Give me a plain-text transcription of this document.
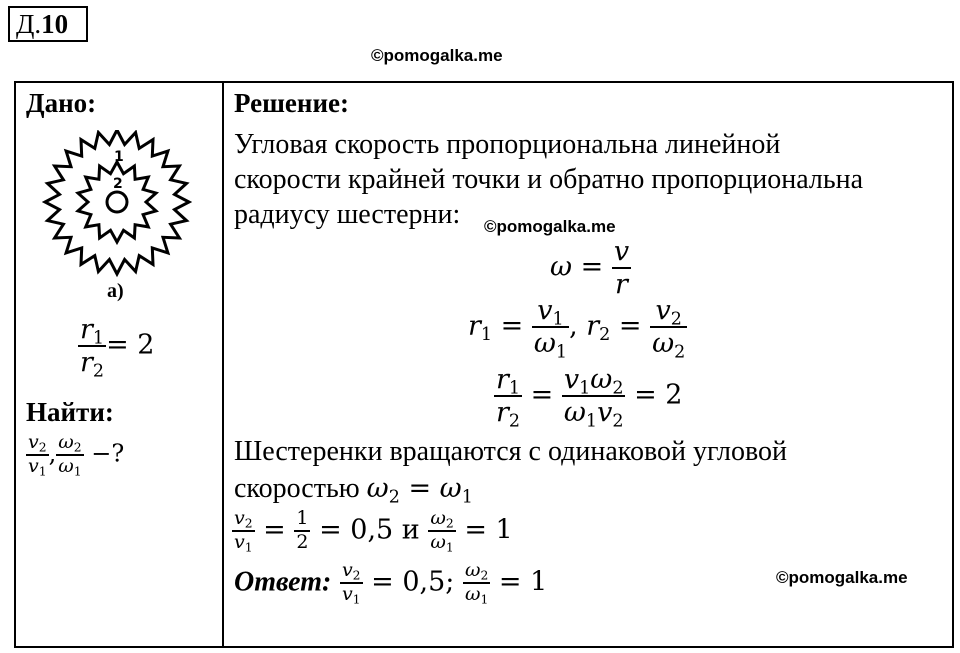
Д.10
©pomogalka.me
Дано:
1
2
а)
$\frac{r_1}{r_2} = 2$
Найти:
$\frac{v_2}{v_1}$ , $\frac{\omega_2}{\omega_1}$ −?
Решение:
Угловая скорость пропорциональна линейной
скорости крайней точки и обратно пропорциональна
радиусу шестерни: ©pomogalka.me
$\omega = \frac{v}{r}$
$r_1 = \frac{v_1}{\omega_1}$ , $r_2 = \frac{v_2}{\omega_2}$
$\frac{r_1}{r_2} = \frac{v_1\omega_2}{\omega_1v_2} = 2$
Шестеренки вращаются с одинаковой угловой
скоростью $\omega_2 = \omega_1$
$\frac{v_2}{v_1} = \frac{1}{2} = 0,5$ и $\frac{\omega_2}{\omega_1} = 1$
Ответ: $\frac{v_2}{v_1} = 0,5$; $\frac{\omega_2}{\omega_1} = 1$	©pomogalka.me
